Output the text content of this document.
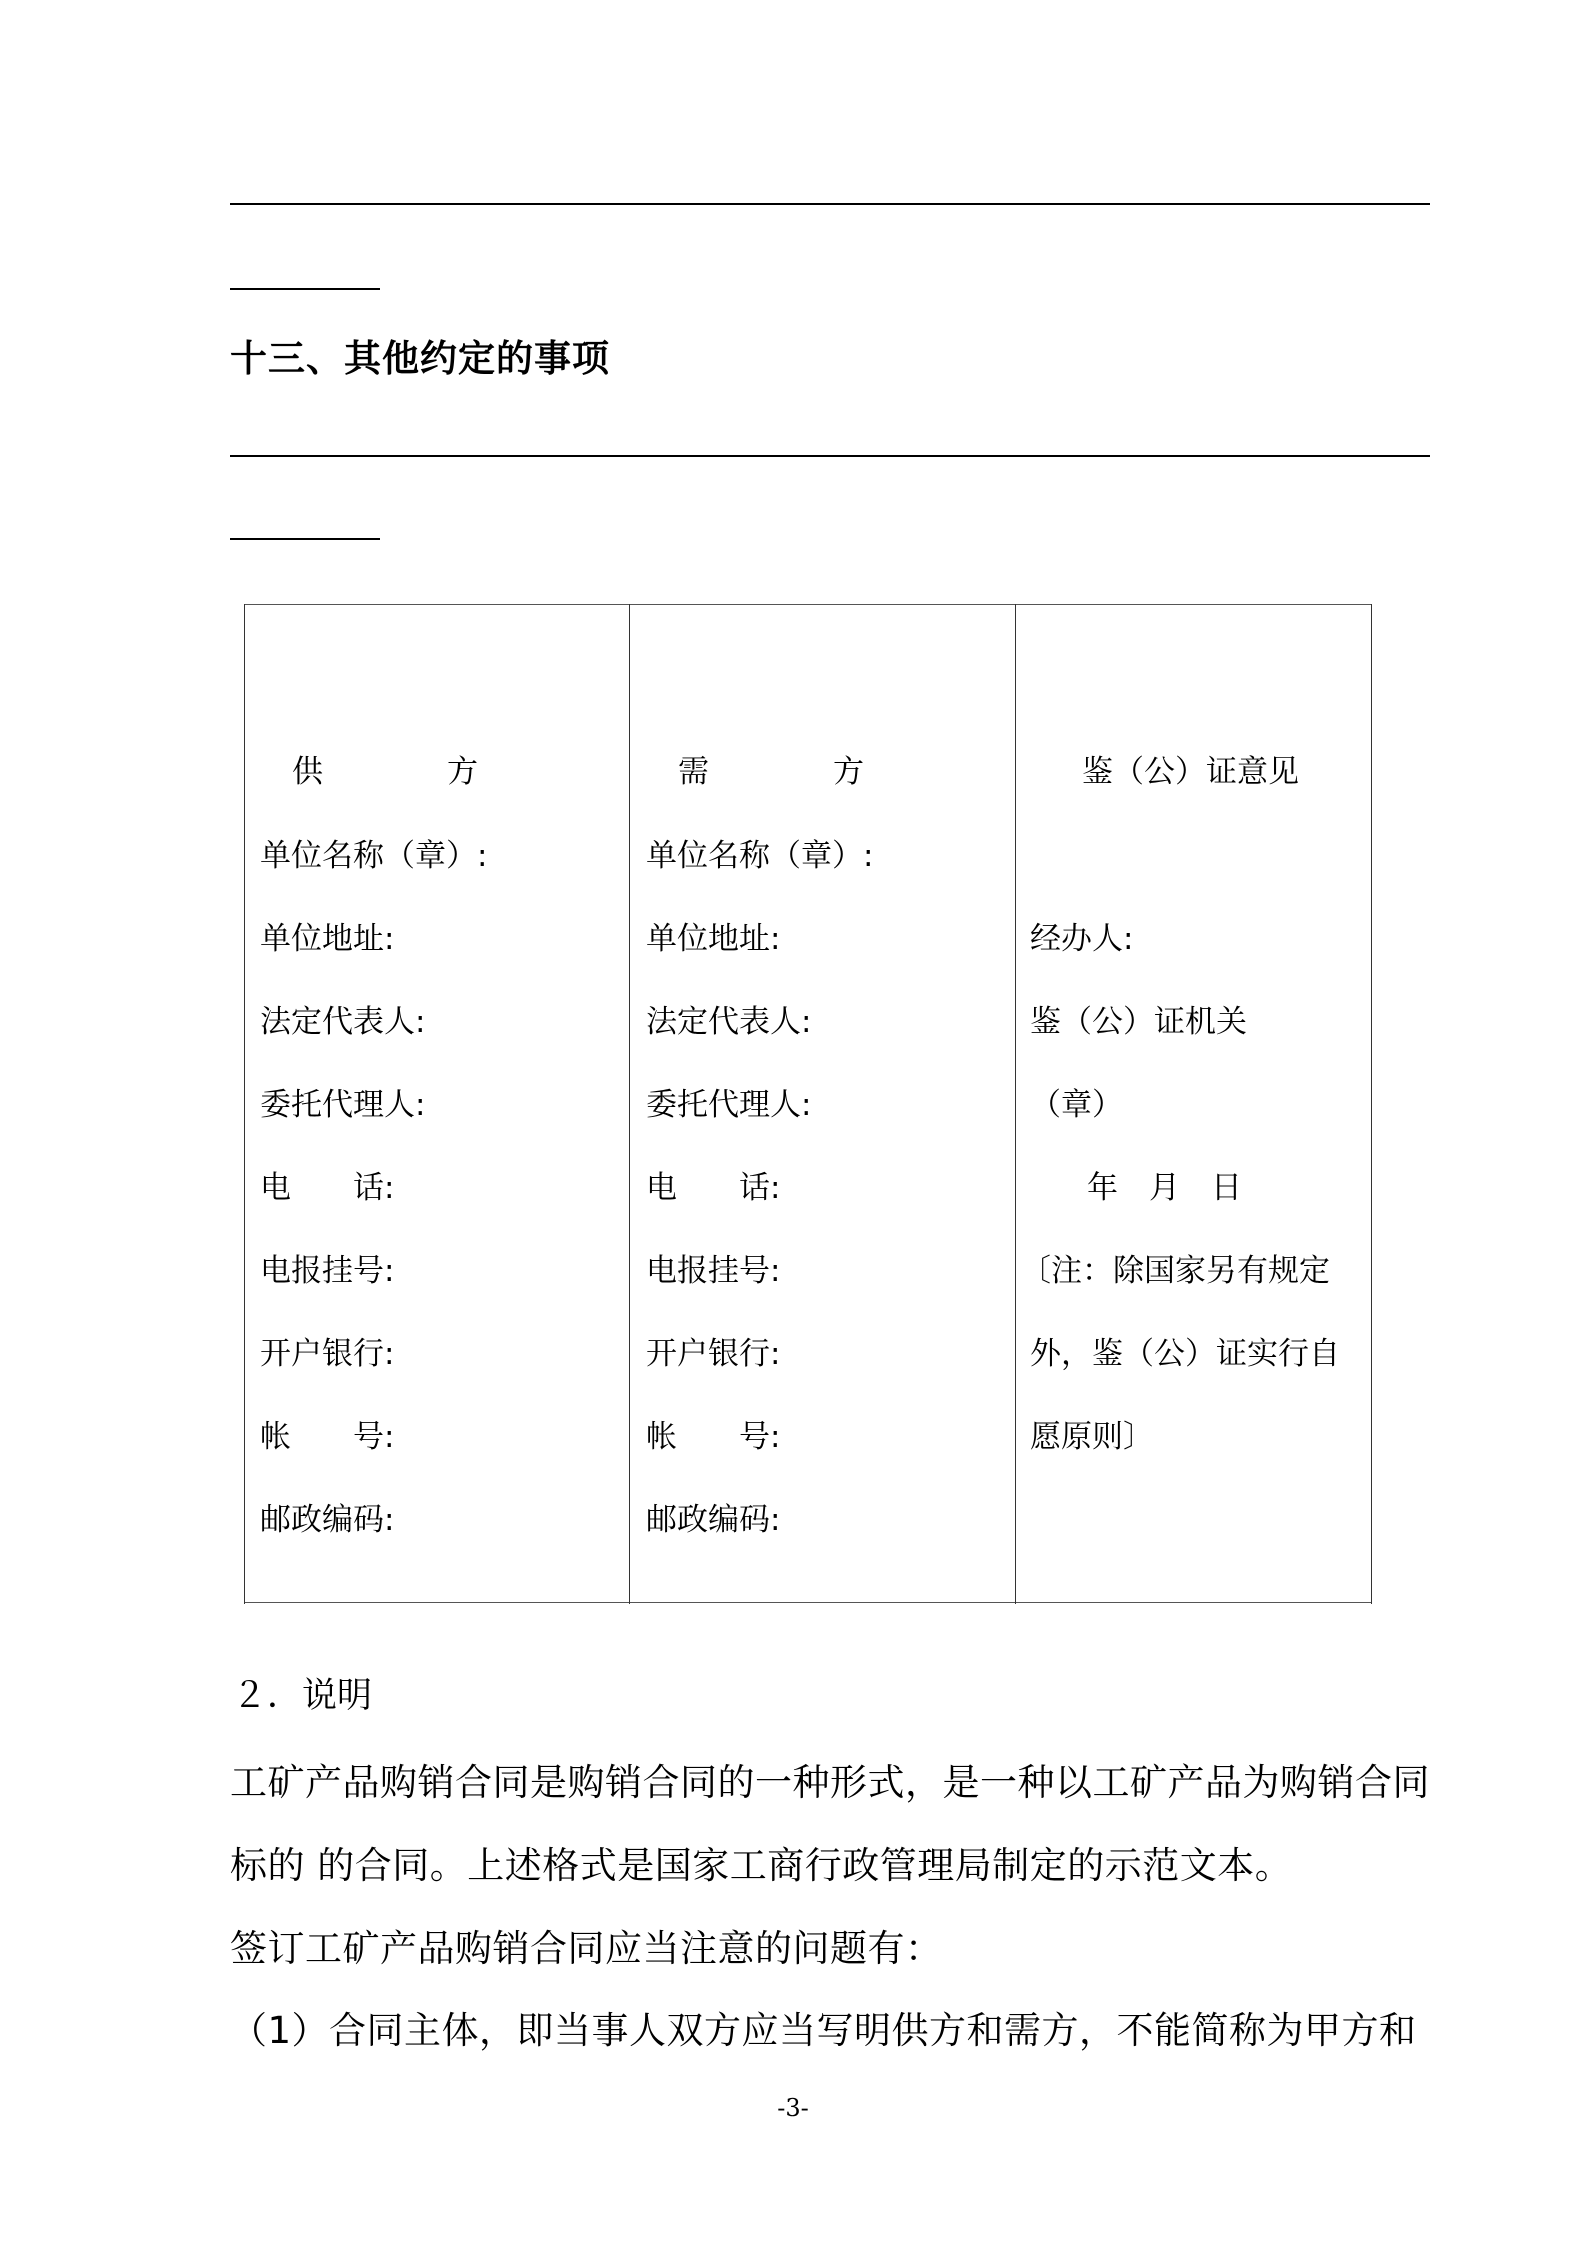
十三、其他约定的事项
供　　　　方	需　　　　方	鉴（公）证意见
单位名称（章）:
单位地址:
法定代表人:
委托代理人:
电　　话:
电报挂号:
开户银行:
帐　　号:
邮政编码:
单位名称（章）:
单位地址:
法定代表人:
委托代理人:
电　　话:
电报挂号:
开户银行:
帐　　号:
邮政编码:
经办人:
鉴（公）证机关
（章）
　年　月　日
〔注：除国家另有规定
外，鉴（公）证实行自
愿原则〕
２．说明
工矿产品购销合同是购销合同的一种形式，是一种以工矿产品为购销合同
标的 的合同。上述格式是国家工商行政管理局制定的示范文本。
签订工矿产品购销合同应当注意的问题有：
（1）合同主体，即当事人双方应当写明供方和需方，不能简称为甲方和
-3-
